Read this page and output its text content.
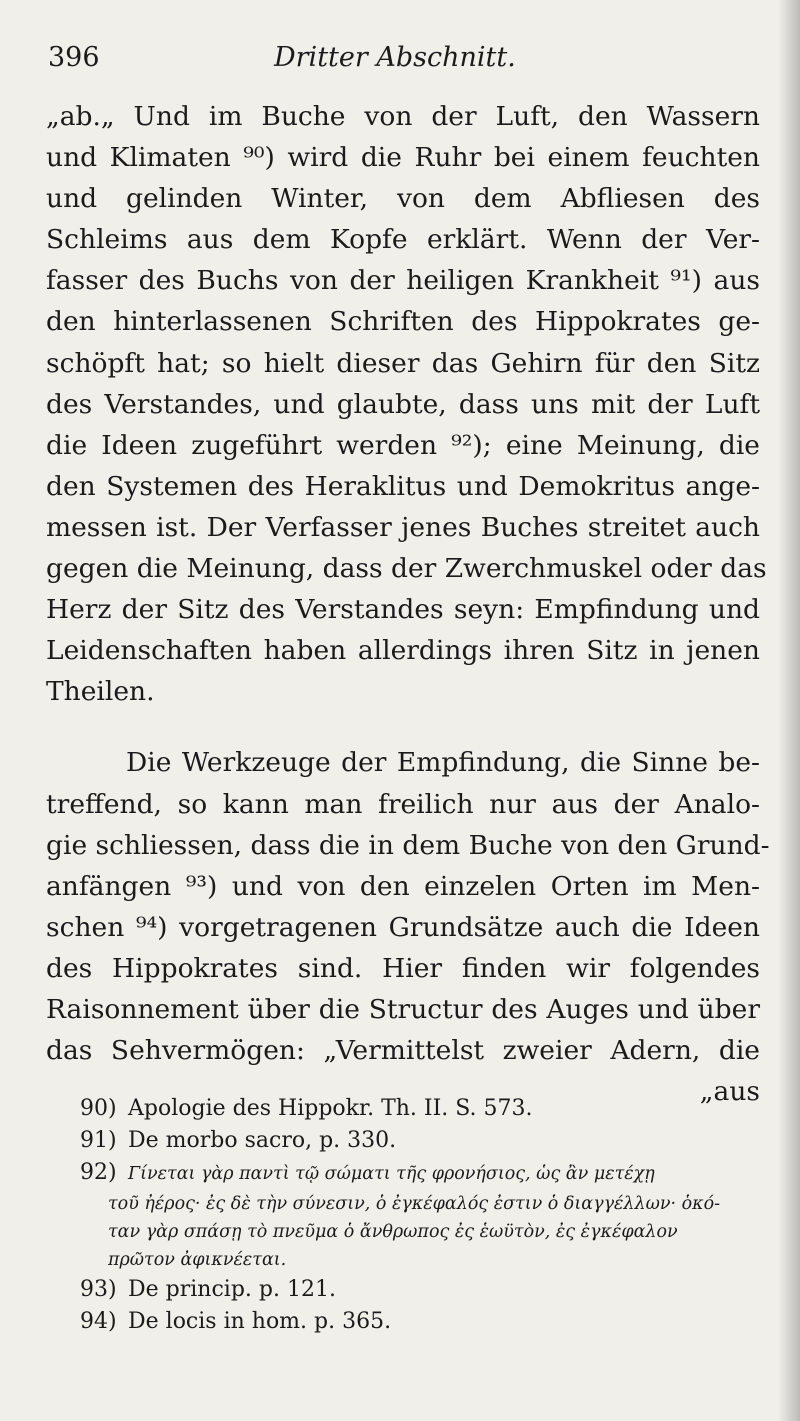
396	Dritter Abschnitt.
„ab.„ Und im Buche von der Luft, den Wassern
und Klimaten ⁹⁰) wird die Ruhr bei einem feuchten
und gelinden Winter, von dem Abfliesen des
Schleims aus dem Kopfe erklärt. Wenn der Ver-
fasser des Buchs von der heiligen Krankheit ⁹¹) aus
den hinterlassenen Schriften des Hippokrates ge-
schöpft hat; so hielt dieser das Gehirn für den Sitz
des Verstandes, und glaubte, dass uns mit der Luft
die Ideen zugeführt werden ⁹²); eine Meinung, die
den Systemen des Heraklitus und Demokritus ange-
messen ist. Der Verfasser jenes Buches streitet auch
gegen die Meinung, dass der Zwerchmuskel oder das
Herz der Sitz des Verstandes seyn: Empfindung und
Leidenschaften haben allerdings ihren Sitz in jenen
Theilen.
Die Werkzeuge der Empfindung, die Sinne be-
treffend, so kann man freilich nur aus der Analo-
gie schliessen, dass die in dem Buche von den Grund-
anfängen ⁹³) und von den einzelen Orten im Men-
schen ⁹⁴) vorgetragenen Grundsätze auch die Ideen
des Hippokrates sind. Hier finden wir folgendes
Raisonnement über die Structur des Auges und über
das Sehvermögen: „Vermittelst zweier Adern, die
„aus
90) Apologie des Hippokr. Th. II. S. 573.
91) De morbo sacro, p. 330.
92) Γίνεται γὰρ παντὶ τῷ σώματι τῆς φρονήσιος, ὡς ἂν μετέχῃ
τοῦ ἠέρος· ἐς δὲ τὴν σύνεσιν, ὁ ἐγκέφαλός ἐστιν ὁ διαγγέλλων· ὁκό-
ταν γὰρ σπάσῃ τὸ πνεῦμα ὁ ἄνθρωπος ἐς ἑωϋτὸν, ἐς ἐγκέφαλον
πρῶτον ἀφικνέεται.
93) De princip. p. 121.
94) De locis in hom. p. 365.
